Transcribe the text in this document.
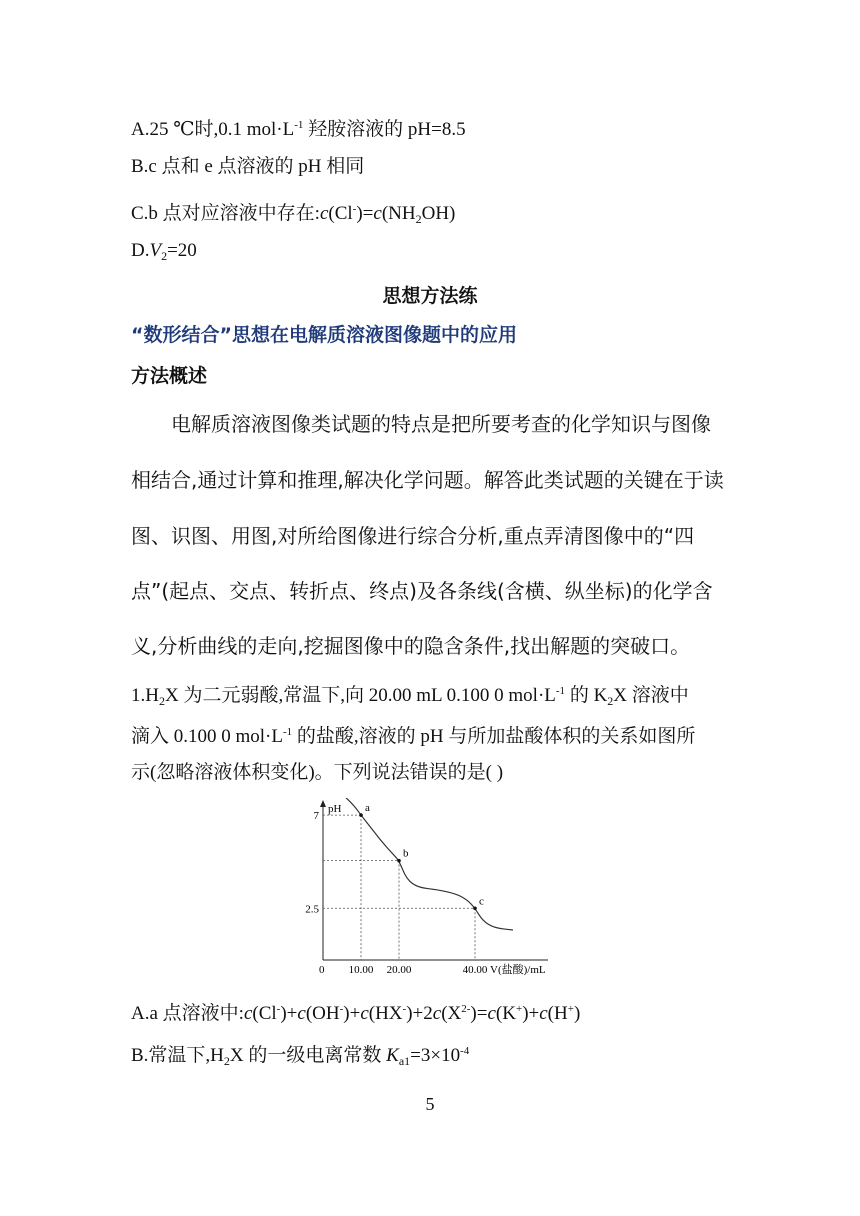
A.25 ℃时,0.1 $mol\cdot L^{-1}$ 羟胺溶液的 pH=8.5
B.c 点和 e 点溶液的 pH 相同
C.b 点对应溶液中存在$:c(Cl^-)=c(NH_2OH)$
$D.V_2=20$
思想方法练
“数形结合”思想在电解质溶液图像题中的应用
方法概述
电解质溶液图像类试题的特点是把所要考查的化学知识与图像
相结合,通过计算和推理,解决化学问题。解答此类试题的关键在于读
图、识图、用图,对所给图像进行综合分析,重点弄清图像中的“四
点”(起点、交点、转折点、终点)及各条线(含横、纵坐标)的化学含
义,分析曲线的走向,挖掘图像中的隐含条件,找出解题的突破口。
$1.H_2X$ 为二元弱酸,常温下,向 20.00 mL 0.100 0 $mol\cdot L^{-1}$ 的 $K_2X$ 溶液中
滴入 0.100 0 $mol\cdot L^{-1}$ 的盐酸,溶液的 pH 与所加盐酸体积的关系如图所
示(忽略溶液体积变化)。下列说法错误的是( )
pH
0	V(盐酸)/mL
7
2.5
10.00 20.00	40.00
a
b
c
A.a 点溶液中$:c(Cl^-)+c(OH^-)+c(HX^-)+2c(X^{2-})=c(K^+)+c(H^+)$
B.常温下$,H_2X$ 的一级电离常数 $K_{a1}=3\times 10^{-4}$
5
